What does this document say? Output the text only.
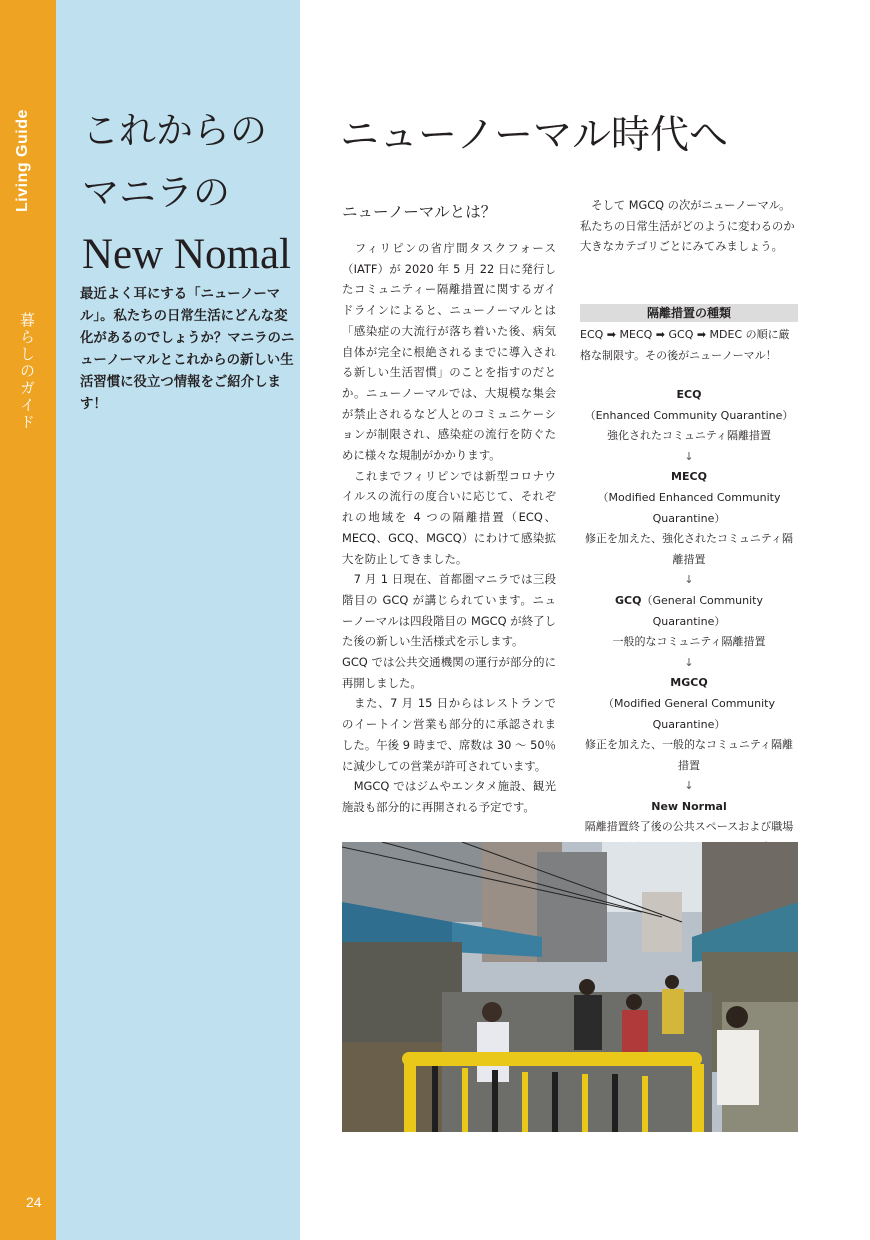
Living Guide
暮らしのガイド
24
これからの
マニラの
New Nomal
最近よく耳にする「ニューノーマル」。私たちの日常生活にどんな変化があるのでしょうか？マニラのニューノーマルとこれからの新しい生活習慣に役立つ情報をご紹介します！
ニューノーマル時代へ
ニューノーマルとは？

　フィリピンの省庁間タスクフォース（IATF）が 2020 年 5 月 22 日に発行したコミュニティー隔離措置に関するガイドラインによると、ニューノーマルとは「感染症の大流行が落ち着いた後、病気自体が完全に根絶されるまでに導入される新しい生活習慣」のことを指すのだとか。ニューノーマルでは、大規模な集会が禁止されるなど人とのコミュニケーションが制限され、感染症の流行を防ぐために様々な規制がかかります。

　これまでフィリピンでは新型コロナウイルスの流行の度合いに応じて、それぞれの地域を 4 つの隔離措置（ECQ、MECQ、GCQ、MGCQ）にわけて感染拡大を防止してきました。

　7 月 1 日現在、首都圏マニラでは三段階目の GCQ が講じられています。ニューノーマルは四段階目の MGCQ が終了した後の新しい生活様式を示します。

GCQ では公共交通機関の運行が部分的に再開しました。

　また、7 月 15 日からはレストランでのイートイン営業も部分的に承認されました。午後 9 時まで、席数は 30 ～ 50％に減少しての営業が許可されています。

　MGCQ ではジムやエンタメ施設、観光施設も部分的に再開される予定です。

そして MGCQ の次がニューノーマル。私たちの日常生活がどのように変わるのか大きなカテゴリごとにみてみましょう。

隔離措置の種類
ECQ ➡ MECQ ➡ GCQ ➡ MDEC の順に厳格な制限す。その後がニューノーマル！
ECQ
（Enhanced Community Quarantine）
強化されたコミュニティ隔離措置
↓
MECQ
（Modified Enhanced Community Quarantine）
修正を加えた、強化されたコミュニティ隔離措置
↓
GCQ（General Community Quarantine）
一般的なコミュニティ隔離措置
↓
MGCQ
（Modified General Community Quarantine）
修正を加えた、一般的なコミュニティ隔離措置
↓
New Normal
隔離措置終了後の公共スペースおよび職場
